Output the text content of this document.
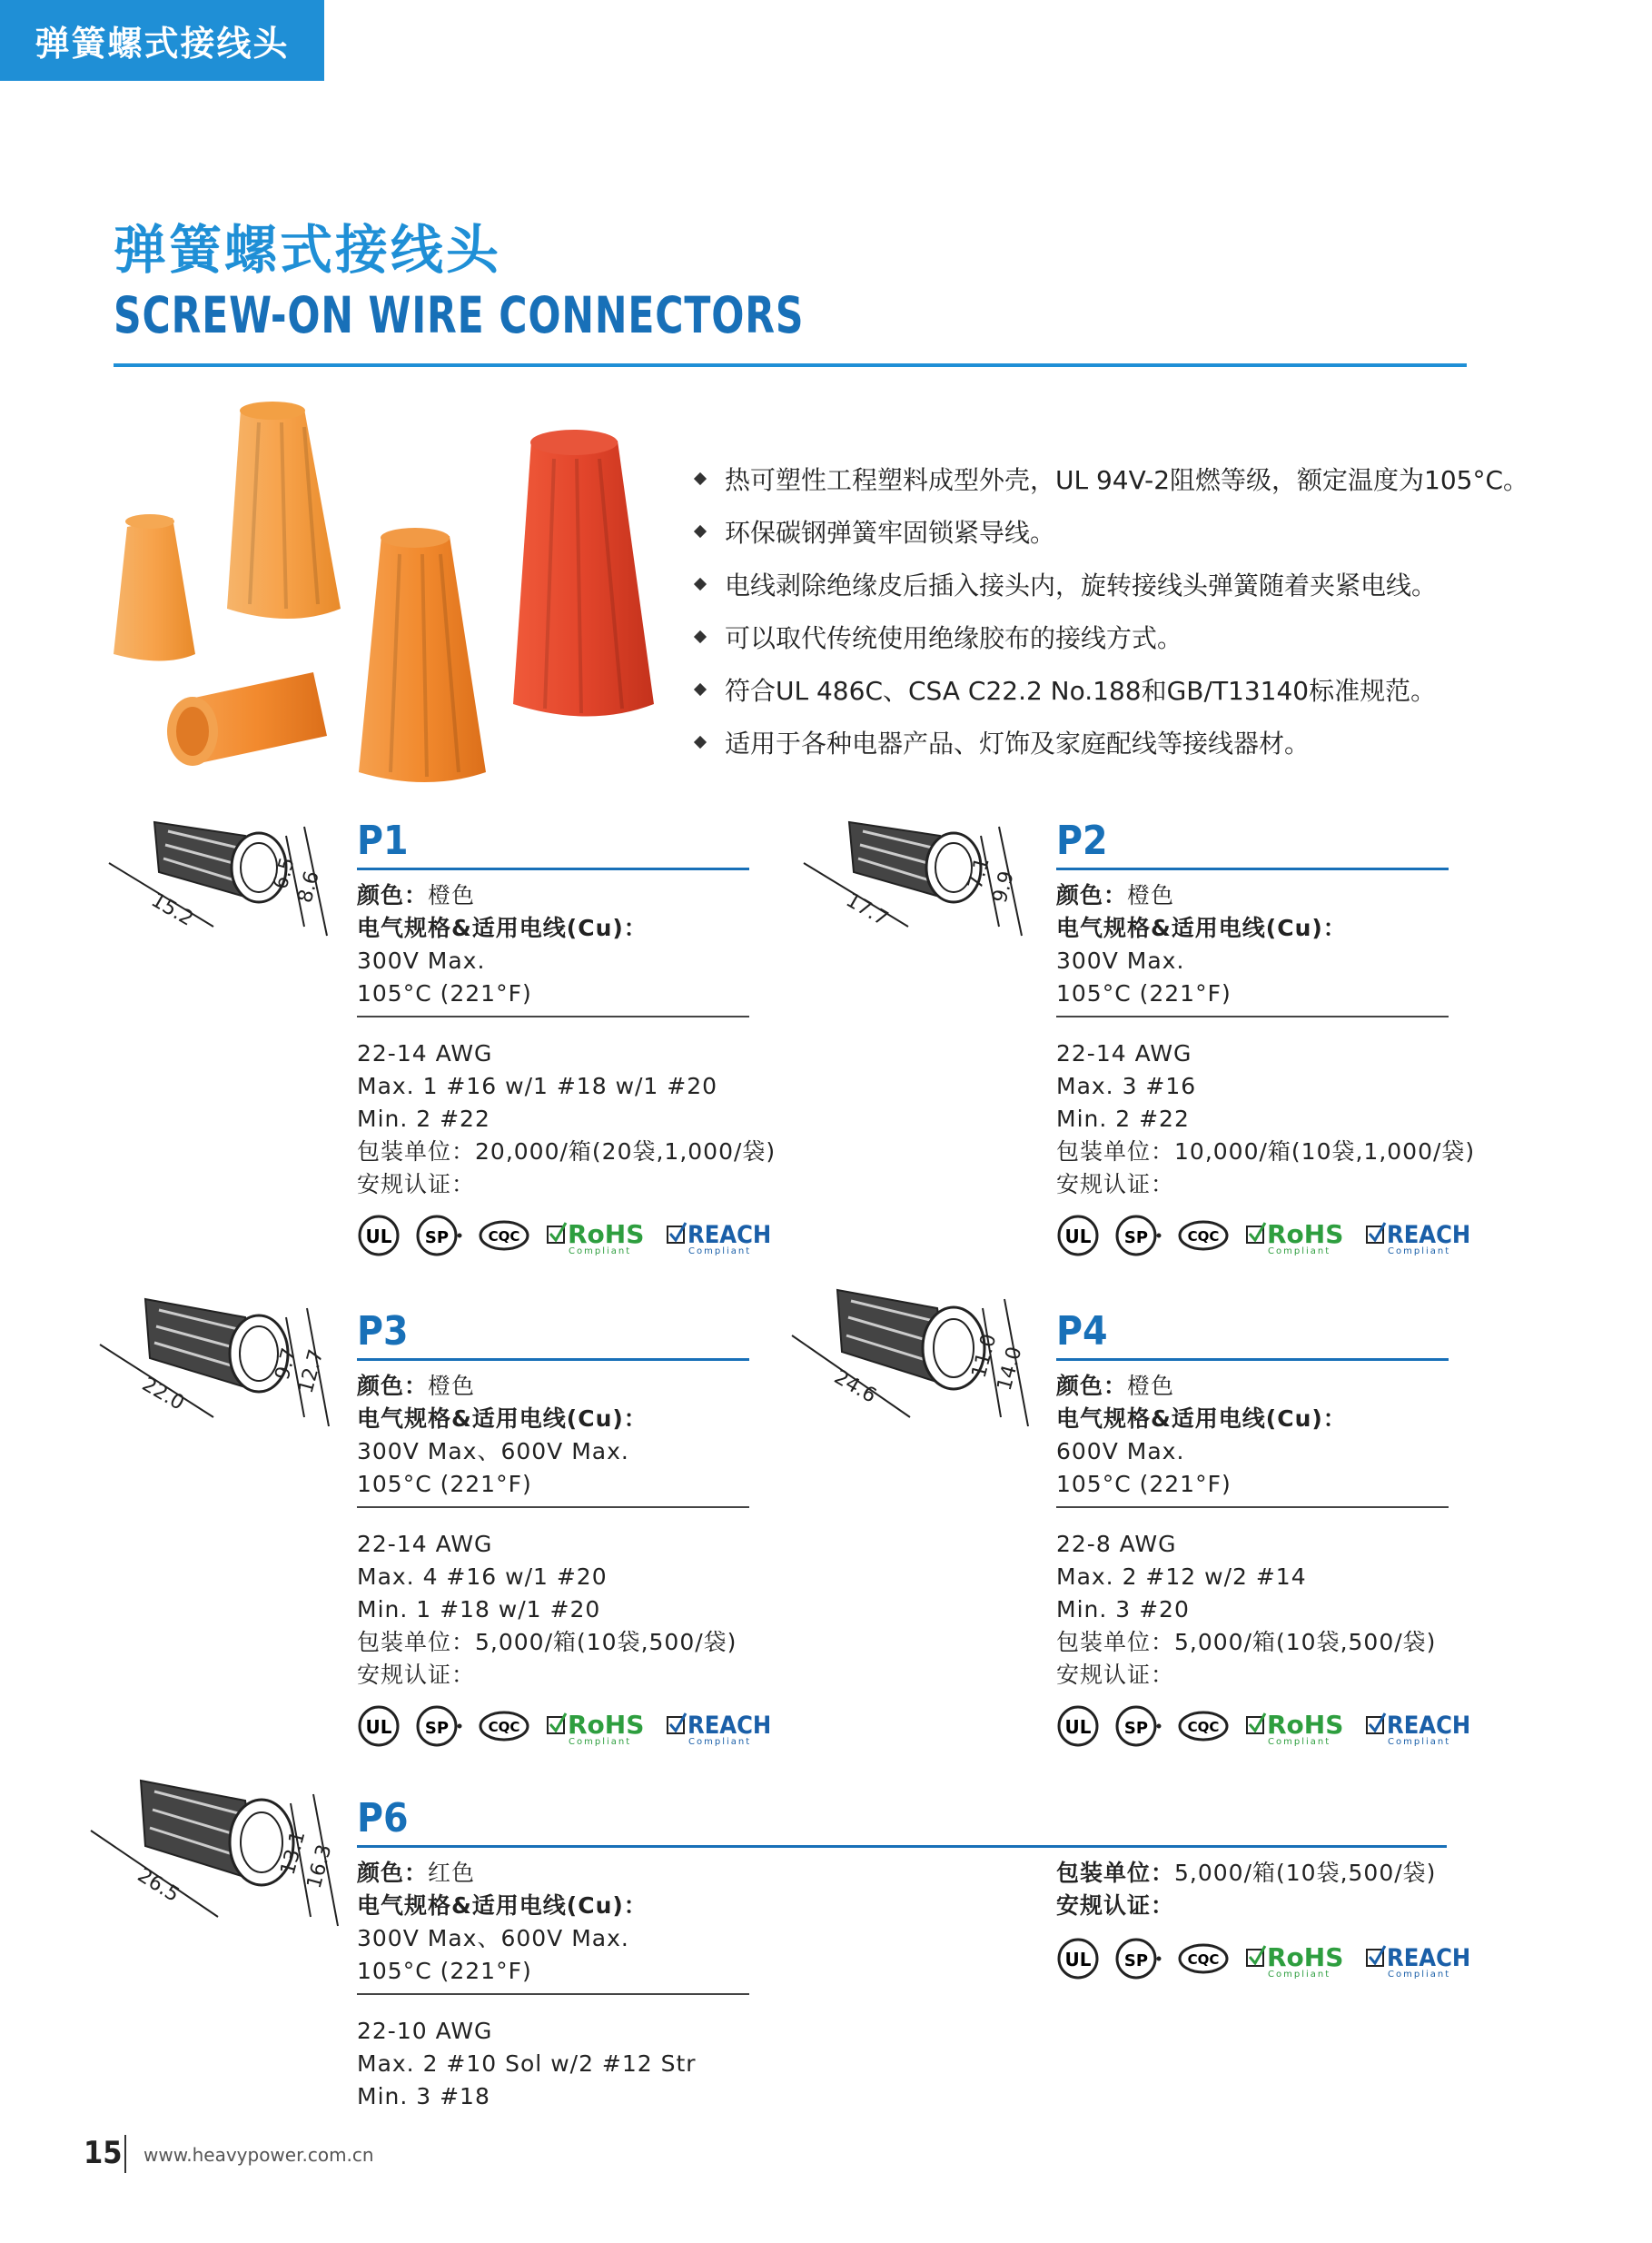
弹簧螺式接线头
弹簧螺式接线头
SCREW-ON WIRE CONNECTORS
热可塑性工程塑料成型外壳，UL 94V-2阻燃等级，额定温度为105°C。
环保碳钢弹簧牢固锁紧导线。
电线剥除绝缘皮后插入接头内，旋转接线头弹簧随着夹紧电线。
可以取代传统使用绝缘胶布的接线方式。
符合UL 486C、CSA C22.2 No.188和GB/T13140标准规范。
适用于各种电器产品、灯饰及家庭配线等接线器材。
15.2
6.5
8.6
P1
颜色：橙色
电气规格&适用电线(Cu)：
300V Max.
105°C (221°F)
22-14 AWG
Max. 1 #16 w/1 #18 w/1 #20
Min. 2 #22
包装单位：20,000/箱(20袋,1,000/袋)
安规认证：
UL SP	CQC RoHS
Compliant
REACH
Compliant
17.7
7.1
9.9
P2
颜色：橙色
电气规格&适用电线(Cu)：
300V Max.
105°C (221°F)
22-14 AWG
Max. 3 #16
Min. 2 #22
包装单位：10,000/箱(10袋,1,000/袋)
安规认证：
UL SP	CQC RoHS
Compliant
REACH
Compliant
22.0
9.7
12.7
P3
颜色：橙色
电气规格&适用电线(Cu)：
300V Max、600V Max.
105°C (221°F)
22-14 AWG
Max. 4 #16 w/1 #20
Min. 1 #18 w/1 #20
包装单位：5,000/箱(10袋,500/袋)
安规认证：
UL SP	CQC RoHS
Compliant
REACH
Compliant
24.6
11.0
14.0
P4
颜色：橙色
电气规格&适用电线(Cu)：
600V Max.
105°C (221°F)
22-8 AWG
Max. 2 #12 w/2 #14
Min. 3 #20
包装单位：5,000/箱(10袋,500/袋)
安规认证：
UL SP	CQC RoHS
Compliant
REACH
Compliant
26.5
13.1
16.3
P6
颜色：红色
电气规格&适用电线(Cu)：
300V Max、600V Max.
105°C (221°F)
22-10 AWG
Max. 2 #10 Sol w/2 #12 Str
Min. 3 #18
包装单位：5,000/箱(10袋,500/袋)
安规认证：
UL SP	CQC RoHS
Compliant
REACH
Compliant
15 www.heavypower.com.cn
